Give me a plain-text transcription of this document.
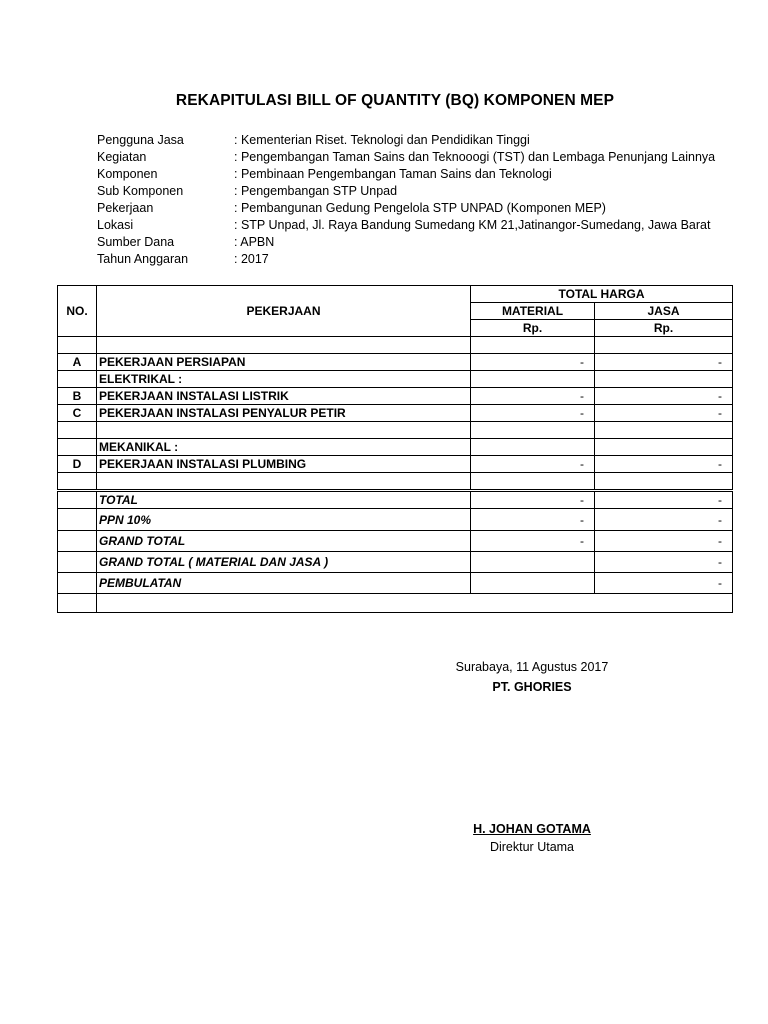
REKAPITULASI BILL OF QUANTITY (BQ) KOMPONEN MEP
Pengguna Jasa	: Kementerian Riset. Teknologi dan Pendidikan Tinggi
Kegiatan	: Pengembangan Taman Sains dan Teknooogi (TST) dan Lembaga Penunjang Lainnya
Komponen	: Pembinaan Pengembangan Taman Sains dan Teknologi
Sub Komponen	: Pengembangan STP Unpad
Pekerjaan	: Pembangunan Gedung Pengelola STP UNPAD (Komponen MEP)
Lokasi	: STP Unpad, Jl. Raya Bandung Sumedang KM 21,Jatinangor-Sumedang, Jawa Barat
Sumber Dana	: APBN
Tahun Anggaran	: 2017
NO.	PEKERJAAN	TOTAL HARGA	
		MATERIAL	JASA
		Rp.	Rp.

A	PEKERJAAN PERSIAPAN	-	-
	ELEKTRIKAL :		
B	PEKERJAAN INSTALASI LISTRIK	-	-
C	PEKERJAAN INSTALASI PENYALUR PETIR	-	-

	MEKANIKAL :		
D	PEKERJAAN INSTALASI PLUMBING	-	-

	TOTAL	-	-
	PPN 10%	-	-
	GRAND TOTAL	-	-
	GRAND TOTAL ( MATERIAL DAN JASA )		-
	PEMBULATAN		-

Surabaya, 11 Agustus 2017
PT. GHORIES
H. JOHAN GOTAMA
Direktur Utama
